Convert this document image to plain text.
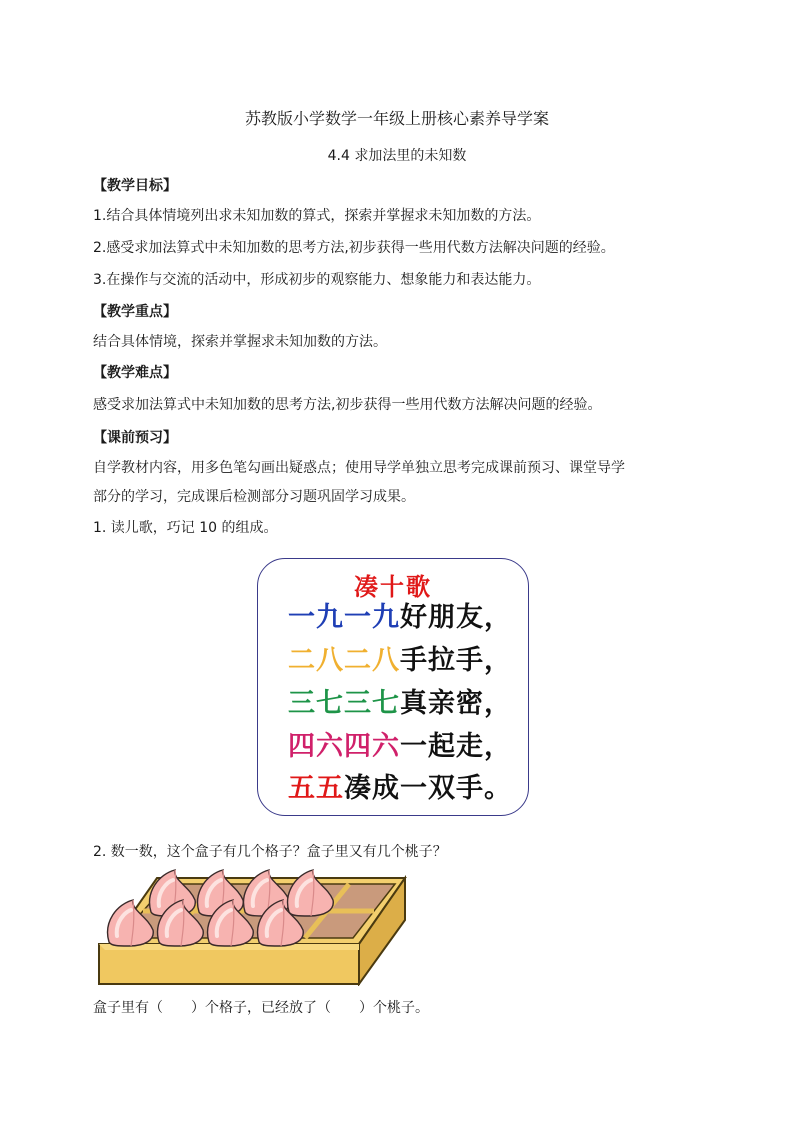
苏教版小学数学一年级上册核心素养导学案
4.4 求加法里的未知数
【教学目标】
1.结合具体情境列出求未知加数的算式，探索并掌握求未知加数的方法。
2.感受求加法算式中未知加数的思考方法,初步获得一些用代数方法解决问题的经验。
3.在操作与交流的活动中，形成初步的观察能力、想象能力和表达能力。
【教学重点】
结合具体情境，探索并掌握求未知加数的方法。
【教学难点】
感受求加法算式中未知加数的思考方法,初步获得一些用代数方法解决问题的经验。
【课前预习】
自学教材内容，用多色笔勾画出疑惑点；使用导学单独立思考完成课前预习、课堂导学
部分的学习，完成课后检测部分习题巩固学习成果。
1. 读儿歌，巧记 10 的组成。
凑十歌
一九一九好朋友，
二八二八手拉手，
三七三七真亲密，
四六四六一起走，
五五凑成一双手。
2. 数一数，这个盒子有几个格子？盒子里又有几个桃子？
盒子里有（　　）个格子，已经放了（　　）个桃子。
